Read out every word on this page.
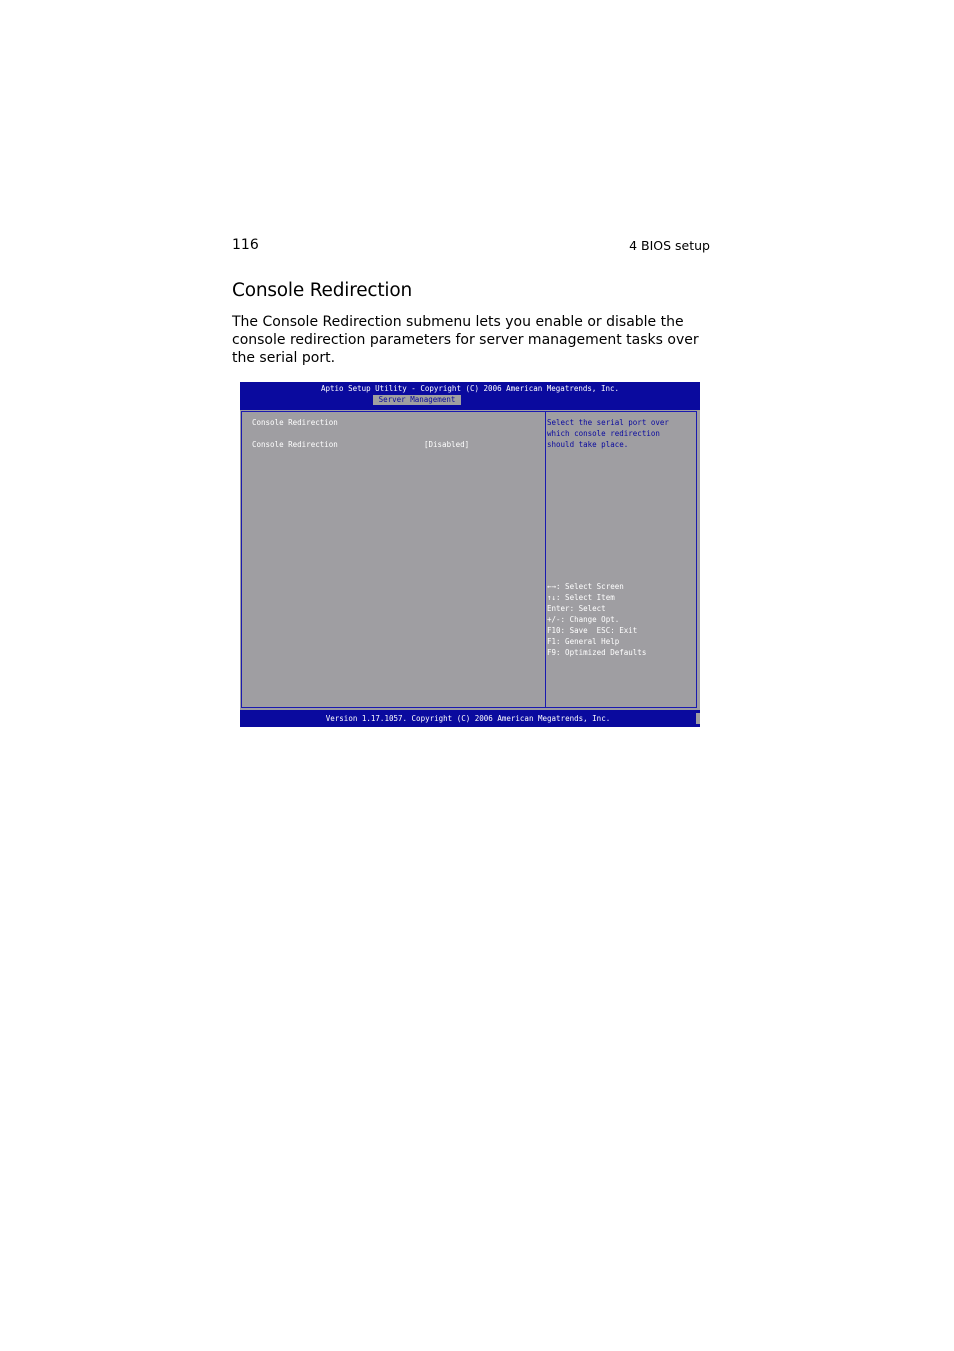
116	4 BIOS setup
Console Redirection

The Console Redirection submenu lets you enable or disable the console redirection parameters for server management tasks over the serial port.

Aptio Setup Utility - Copyright (C) 2006 American Megatrends, Inc.
Server Management
Console Redirection
Console Redirection	[Disabled]
Select the serial port over
which console redirection
should take place.
←→: Select Screen
↑↓: Select Item
Enter: Select
+/-: Change Opt.
F10: Save  ESC: Exit
F1: General Help
F9: Optimized Defaults
Version 1.17.1057. Copyright (C) 2006 American Megatrends, Inc.
